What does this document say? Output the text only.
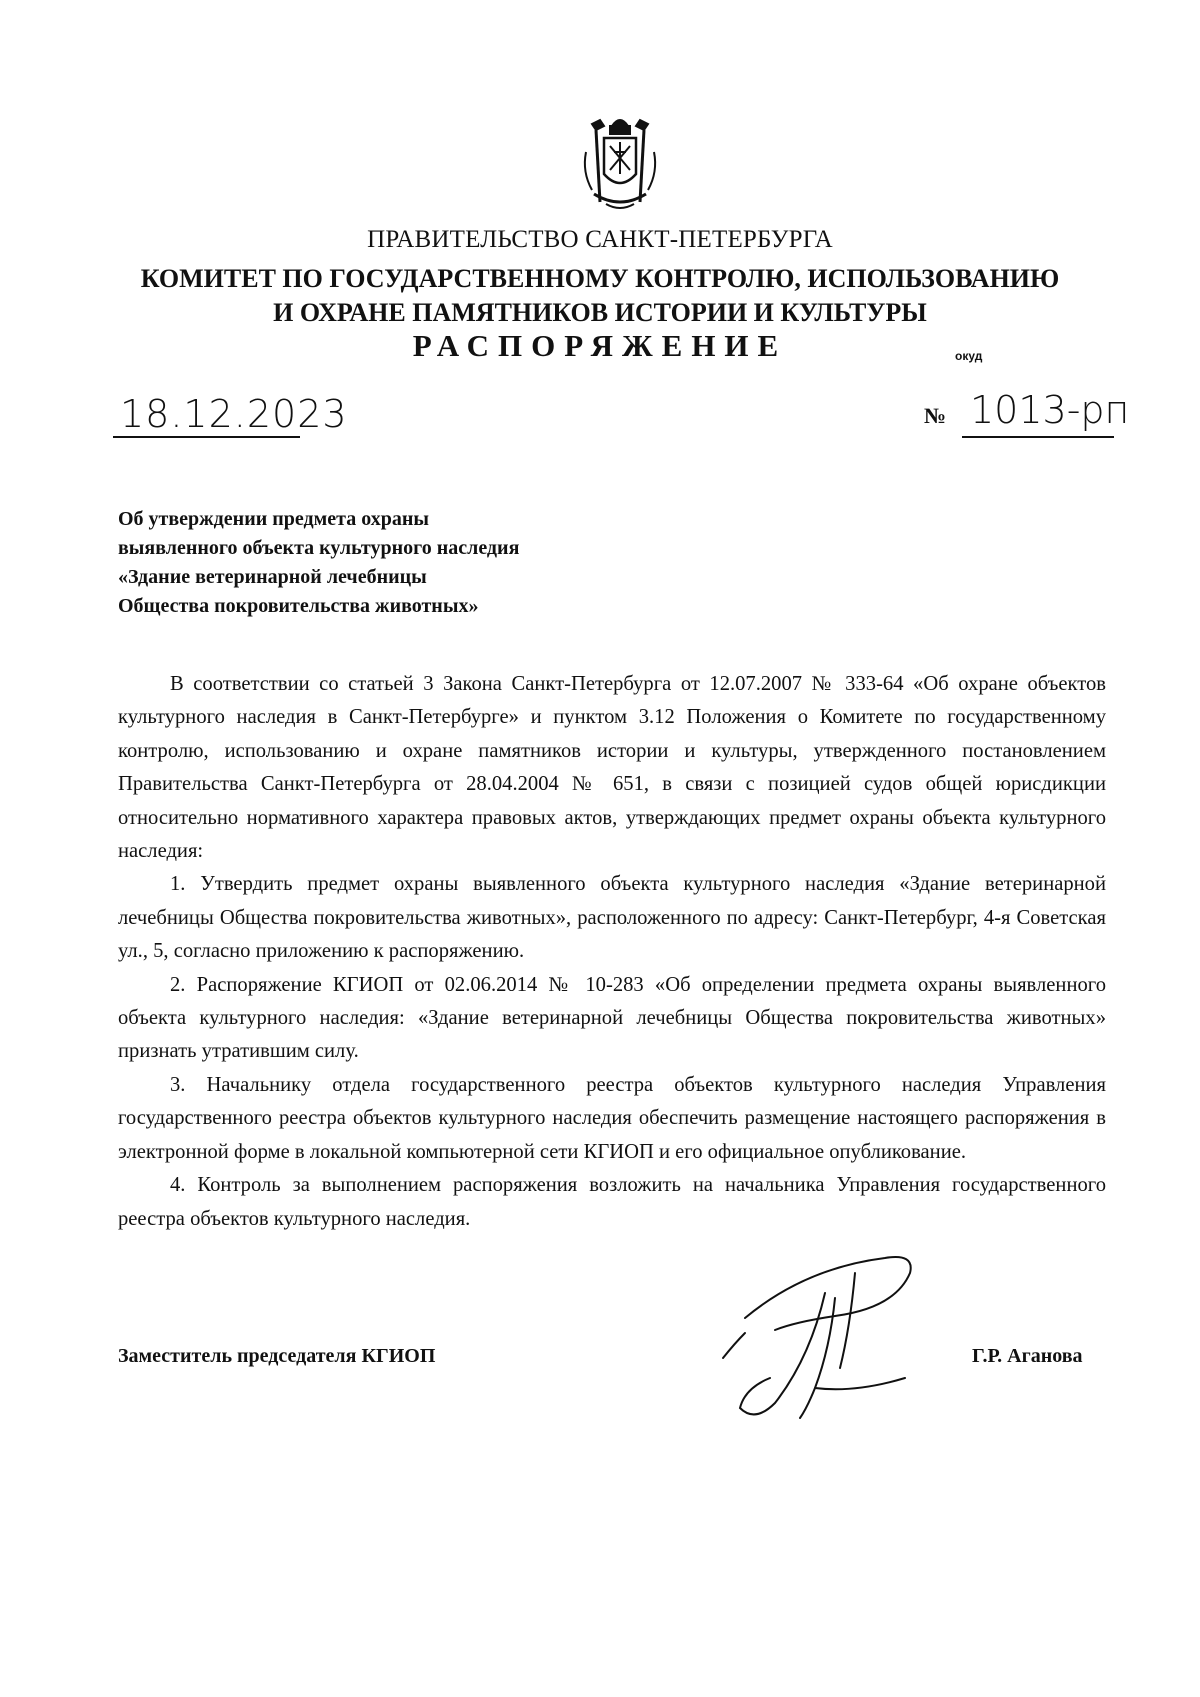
ПРАВИТЕЛЬСТВО САНКТ-ПЕТЕРБУРГА
КОМИТЕТ ПО ГОСУДАРСТВЕННОМУ КОНТРОЛЮ, ИСПОЛЬЗОВАНИЮ
И ОХРАНЕ ПАМЯТНИКОВ ИСТОРИИ И КУЛЬТУРЫ
РАСПОРЯЖЕНИЕ	окуд
18.12.2023	№ 1013-рп
Об утверждении предмета охраны
выявленного объекта культурного наследия
«Здание ветеринарной лечебницы
Общества покровительства животных»

В соответствии со статьей 3 Закона Санкт-Петербурга от 12.07.2007 № 333-64 «Об охране объектов культурного наследия в Санкт-Петербурге» и пунктом 3.12 Положения о Комитете по государственному контролю, использованию и охране памятников истории и культуры, утвержденного постановлением Правительства Санкт-Петербурга от 28.04.2004 № 651, в связи с позицией судов общей юрисдикции относительно нормативного характера правовых актов, утверждающих предмет охраны объекта культурного наследия:

1. Утвердить предмет охраны выявленного объекта культурного наследия «Здание ветеринарной лечебницы Общества покровительства животных», расположенного по адресу: Санкт-Петербург, 4-я Советская ул., 5, согласно приложению к распоряжению.

2. Распоряжение КГИОП от 02.06.2014 № 10-283 «Об определении предмета охраны выявленного объекта культурного наследия: «Здание ветеринарной лечебницы Общества покровительства животных» признать утратившим силу.

3. Начальнику отдела государственного реестра объектов культурного наследия Управления государственного реестра объектов культурного наследия обеспечить размещение настоящего распоряжения в электронной форме в локальной компьютерной сети КГИОП и его официальное опубликование.

4. Контроль за выполнением распоряжения возложить на начальника Управления государственного реестра объектов культурного наследия.

Заместитель председателя КГИОП	Г.Р. Аганова
